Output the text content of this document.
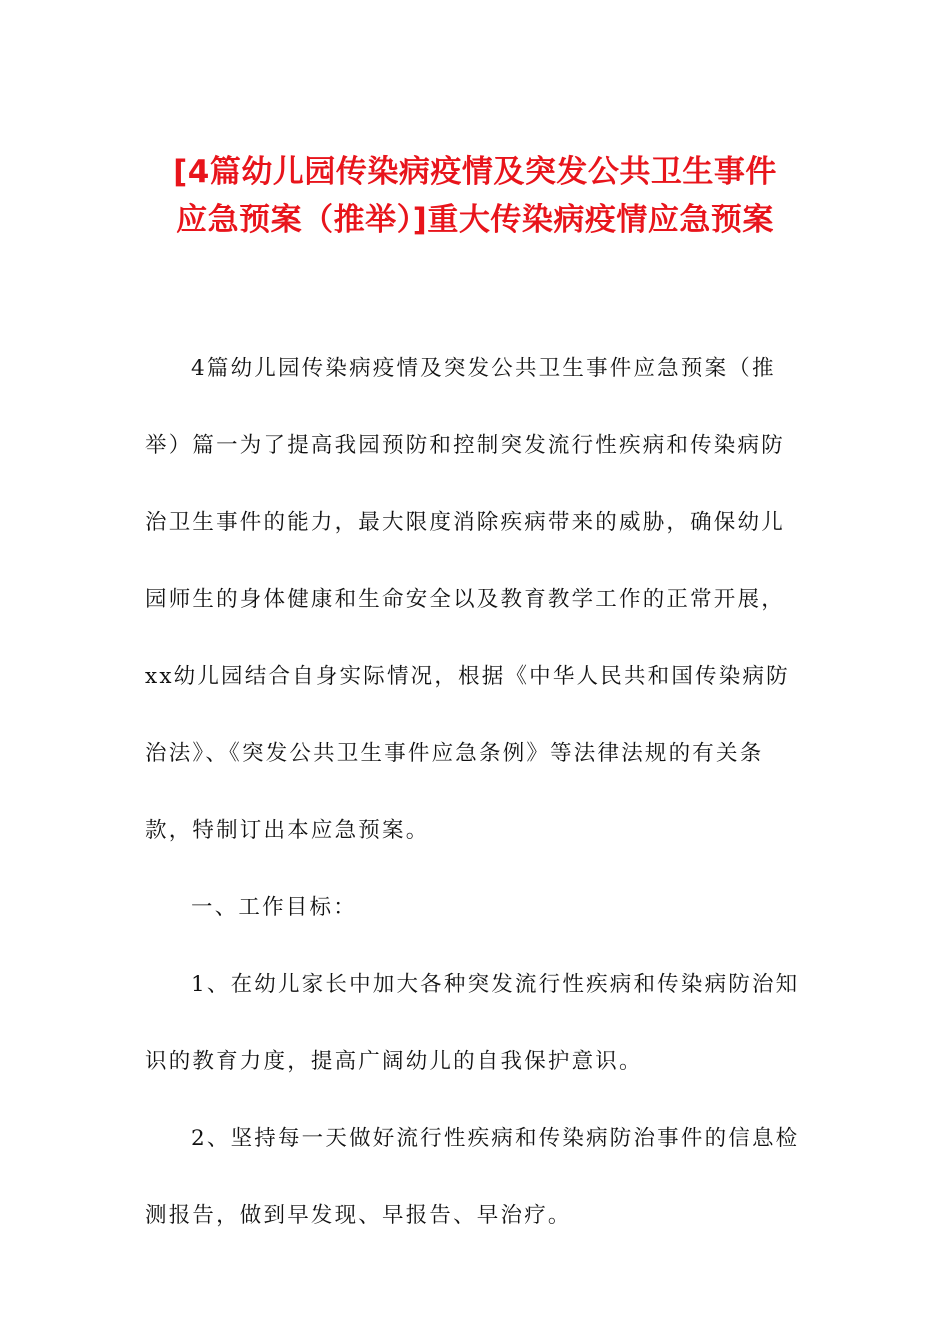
[4篇幼儿园传染病疫情及突发公共卫生事件
应急预案（推举）]重大传染病疫情应急预案
4篇幼儿园传染病疫情及突发公共卫生事件应急预案（推
举）篇一为了提高我园预防和控制突发流行性疾病和传染病防
治卫生事件的能力，最大限度消除疾病带来的威胁，确保幼儿
园师生的身体健康和生命安全以及教育教学工作的正常开展，
xx幼儿园结合自身实际情况，根据《中华人民共和国传染病防
治法》、《突发公共卫生事件应急条例》等法律法规的有关条
款，特制订出本应急预案。
一、工作目标：
1、在幼儿家长中加大各种突发流行性疾病和传染病防治知
识的教育力度，提高广阔幼儿的自我保护意识。
2、坚持每一天做好流行性疾病和传染病防治事件的信息检
测报告，做到早发现、早报告、早治疗。
